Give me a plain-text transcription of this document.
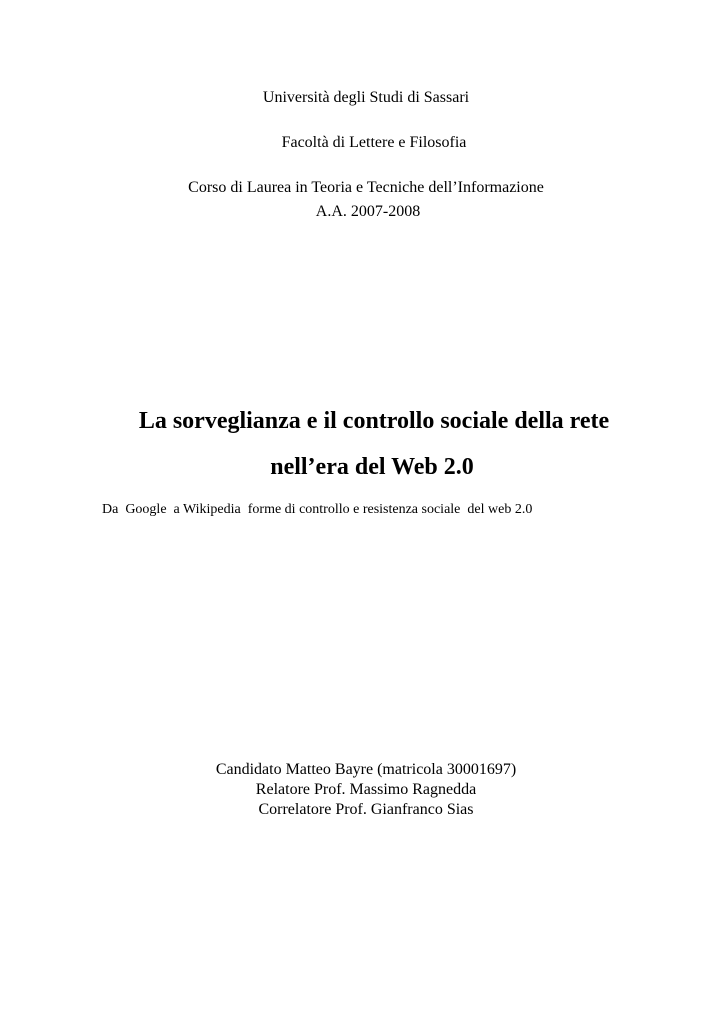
Università degli Studi di Sassari
Facoltà di Lettere e Filosofia
Corso di Laurea in Teoria e Tecniche dell’Informazione
A.A. 2007-2008
La sorveglianza e il controllo sociale della rete
nell’era del Web 2.0
Da  Google  a Wikipedia  forme di controllo e resistenza sociale  del web 2.0
Candidato Matteo Bayre (matricola 30001697)
Relatore Prof. Massimo Ragnedda
Correlatore Prof. Gianfranco Sias
